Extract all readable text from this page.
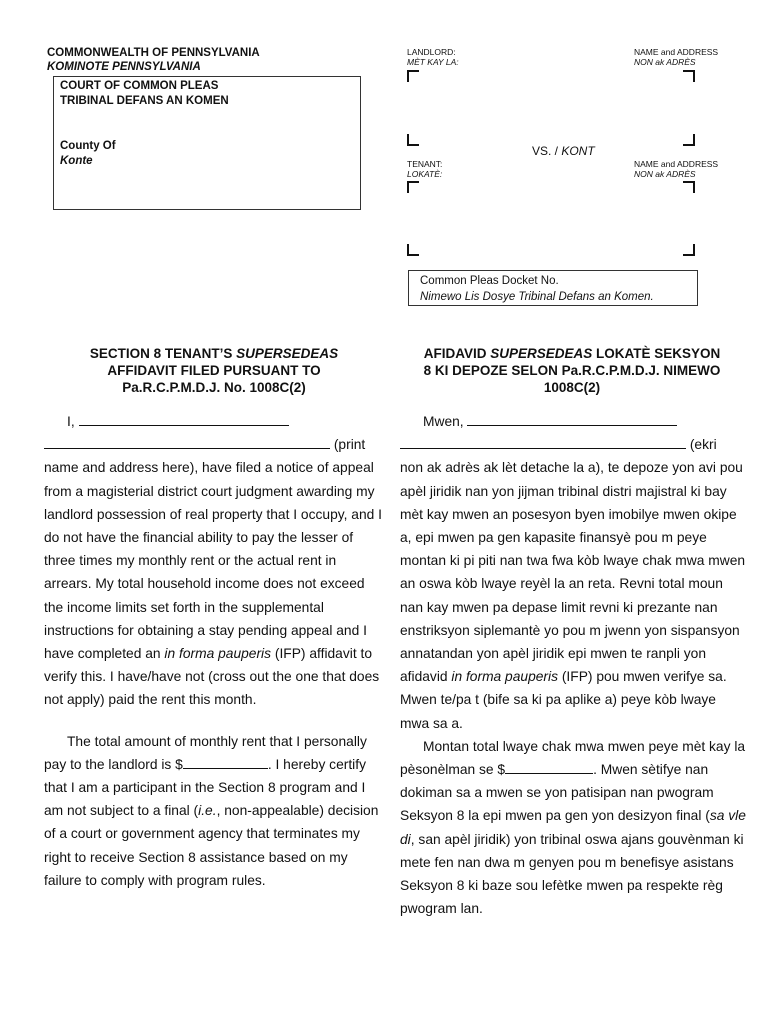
COMMONWEALTH OF PENNSYLVANIA
KOMINOTE PENNSYLVANIA
COURT OF COMMON PLEAS
TRIBINAL DEFANS AN KOMEN
County Of
Konte
LANDLORD:
MÈT KAY LA:
NAME and ADDRESS
NON ak ADRÈS
VS. / KONT
TENANT:
LOKATÈ:
NAME and ADDRESS
NON ak ADRÈS
Common Pleas Docket No.
Nimewo Lis Dosye Tribinal Defans an Komen.
SECTION 8 TENANT’S SUPERSEDEAS
AFFIDAVIT FILED PURSUANT TO
Pa.R.C.P.M.D.J. No. 1008C(2)
I,
(print
name and address here), have filed a notice of appeal from a magisterial district court judgment awarding my landlord possession of real property that I occupy, and I do not have the financial ability to pay the lesser of three times my monthly rent or the actual rent in arrears. My total household income does not exceed the income limits set forth in the supplemental instructions for obtaining a stay pending appeal and I have completed an in forma pauperis (IFP) affidavit to verify this. I have/have not (cross out the one that does not apply) paid the rent this month.
The total amount of monthly rent that I personally pay to the landlord is $	. I hereby certify that I am a participant in the Section 8 program and I am not subject to a final (i.e., non-appealable) decision of a court or government agency that terminates my right to receive Section 8 assistance based on my failure to comply with program rules.
AFIDAVID SUPERSEDEAS LOKATÈ SEKSYON
8 KI DEPOZE SELON Pa.R.C.P.M.D.J. NIMEWO
1008C(2)
Mwen,
(ekri
non ak adrès ak lèt detache la a), te depoze yon avi pou apèl jiridik nan yon jijman tribinal distri majistral ki bay mèt kay mwen an posesyon byen imobilye mwen okipe a, epi mwen pa gen kapasite finansyè pou m peye montan ki pi piti nan twa fwa kòb lwaye chak mwa mwen an oswa kòb lwaye reyèl la an reta. Revni total moun nan kay mwen pa depase limit revni ki prezante nan enstriksyon siplemantè yo pou m jwenn yon sispansyon annatandan yon apèl jiridik epi mwen te ranpli yon afidavid in forma pauperis (IFP) pou mwen verifye sa. Mwen te/pa t (bife sa ki pa aplike a) peye kòb lwaye mwa sa a.
Montan total lwaye chak mwa mwen peye mèt kay la pèsonèlman se $	. Mwen sètifye nan dokiman sa a mwen se yon patisipan nan pwogram Seksyon 8 la epi mwen pa gen yon desizyon final (sa vle di, san apèl jiridik) yon tribinal oswa ajans gouvènman ki mete fen nan dwa m genyen pou m benefisye asistans Seksyon 8 ki baze sou lefètke mwen pa respekte règ pwogram lan.
